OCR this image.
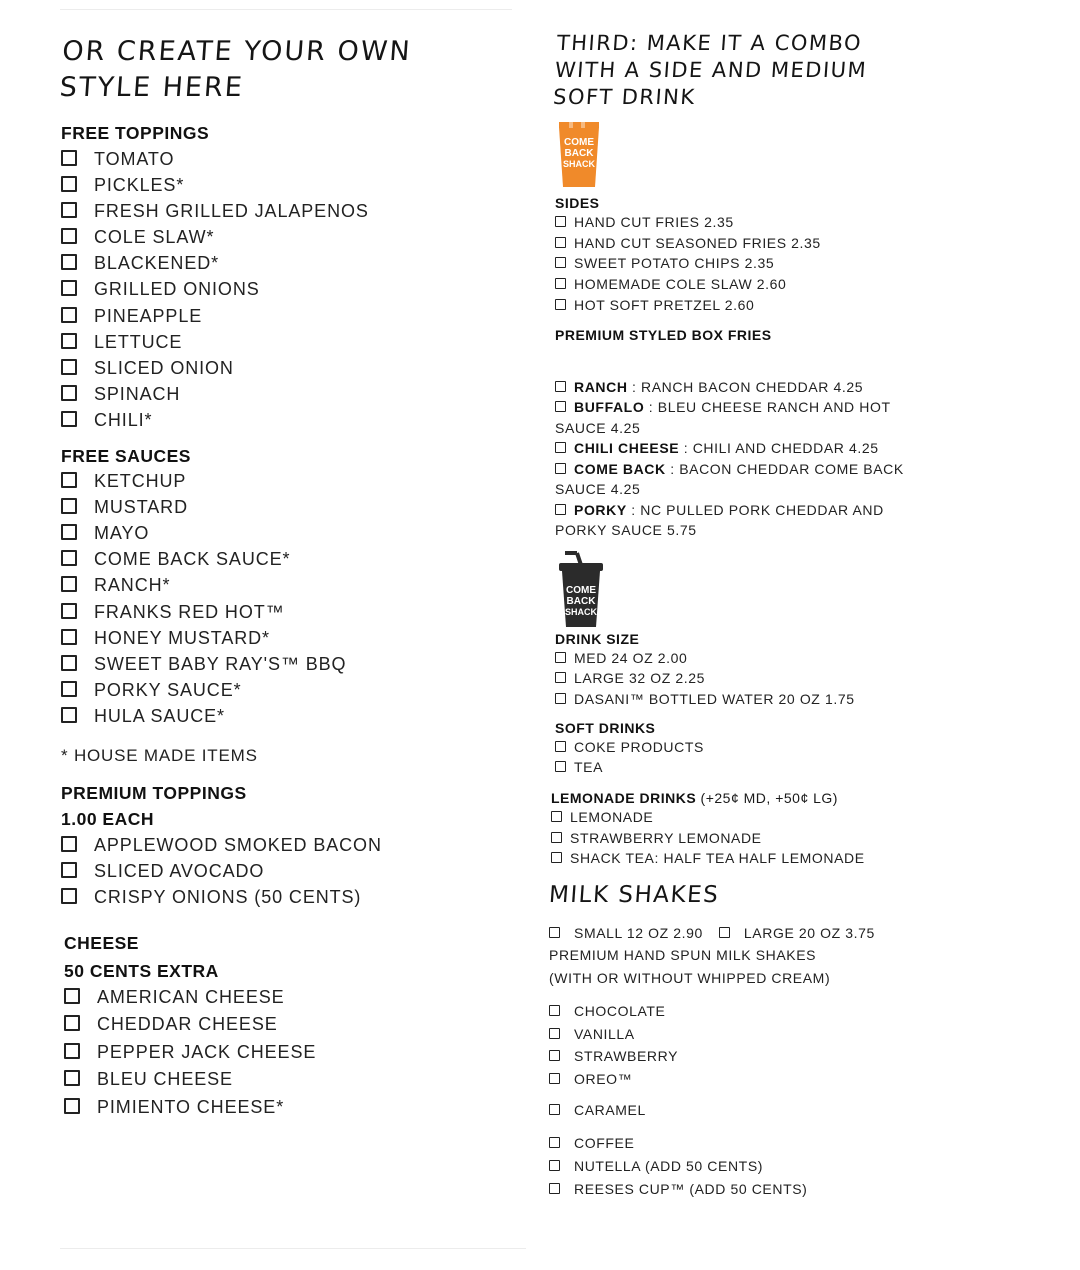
OR CREATE YOUR OWN STYLE HERE
FREE TOPPINGS
TOMATO
PICKLES*
FRESH GRILLED JALAPENOS
COLE SLAW*
BLACKENED*
GRILLED ONIONS
PINEAPPLE
LETTUCE
SLICED ONION
SPINACH
CHILI*
FREE SAUCES
KETCHUP
MUSTARD
MAYO
COME BACK SAUCE*
RANCH*
FRANKS RED HOT™
HONEY MUSTARD*
SWEET BABY RAY'S™ BBQ
PORKY SAUCE*
HULA SAUCE*
* HOUSE MADE ITEMS
PREMIUM TOPPINGS
1.00 EACH
APPLEWOOD SMOKED BACON
SLICED AVOCADO
CRISPY ONIONS (50 CENTS)
CHEESE
50 CENTS EXTRA
AMERICAN CHEESE
CHEDDAR CHEESE
PEPPER JACK CHEESE
BLEU CHEESE
PIMIENTO CHEESE*
THIRD: MAKE IT A COMBO WITH A SIDE AND MEDIUM SOFT DRINK
COME
BACK
SHACK
SIDES
HAND CUT FRIES 2.35
HAND CUT SEASONED FRIES 2.35
SWEET POTATO CHIPS 2.35
HOMEMADE COLE SLAW 2.60
HOT SOFT PRETZEL 2.60
PREMIUM STYLED BOX FRIES
RANCH : RANCH BACON CHEDDAR 4.25
BUFFALO : BLEU CHEESE RANCH AND HOT SAUCE 4.25
CHILI CHEESE : CHILI AND CHEDDAR 4.25
COME BACK : BACON CHEDDAR COME BACK SAUCE 4.25
PORKY : NC PULLED PORK CHEDDAR AND PORKY SAUCE 5.75
COME
BACK
SHACK
DRINK SIZE
MED 24 OZ 2.00
LARGE 32 OZ 2.25
DASANI™ BOTTLED WATER 20 OZ 1.75
SOFT DRINKS
COKE PRODUCTS
TEA
LEMONADE DRINKS (+25¢ MD, +50¢ LG)
LEMONADE
STRAWBERRY LEMONADE
SHACK TEA: HALF TEA HALF LEMONADE
MILK SHAKES
SMALL 12 OZ 2.90	LARGE 20 OZ 3.75
PREMIUM HAND SPUN MILK SHAKES
(WITH OR WITHOUT WHIPPED CREAM)
CHOCOLATE
VANILLA
STRAWBERRY
OREO™
CARAMEL
COFFEE
NUTELLA (ADD 50 CENTS)
REESES CUP™ (ADD 50 CENTS)
